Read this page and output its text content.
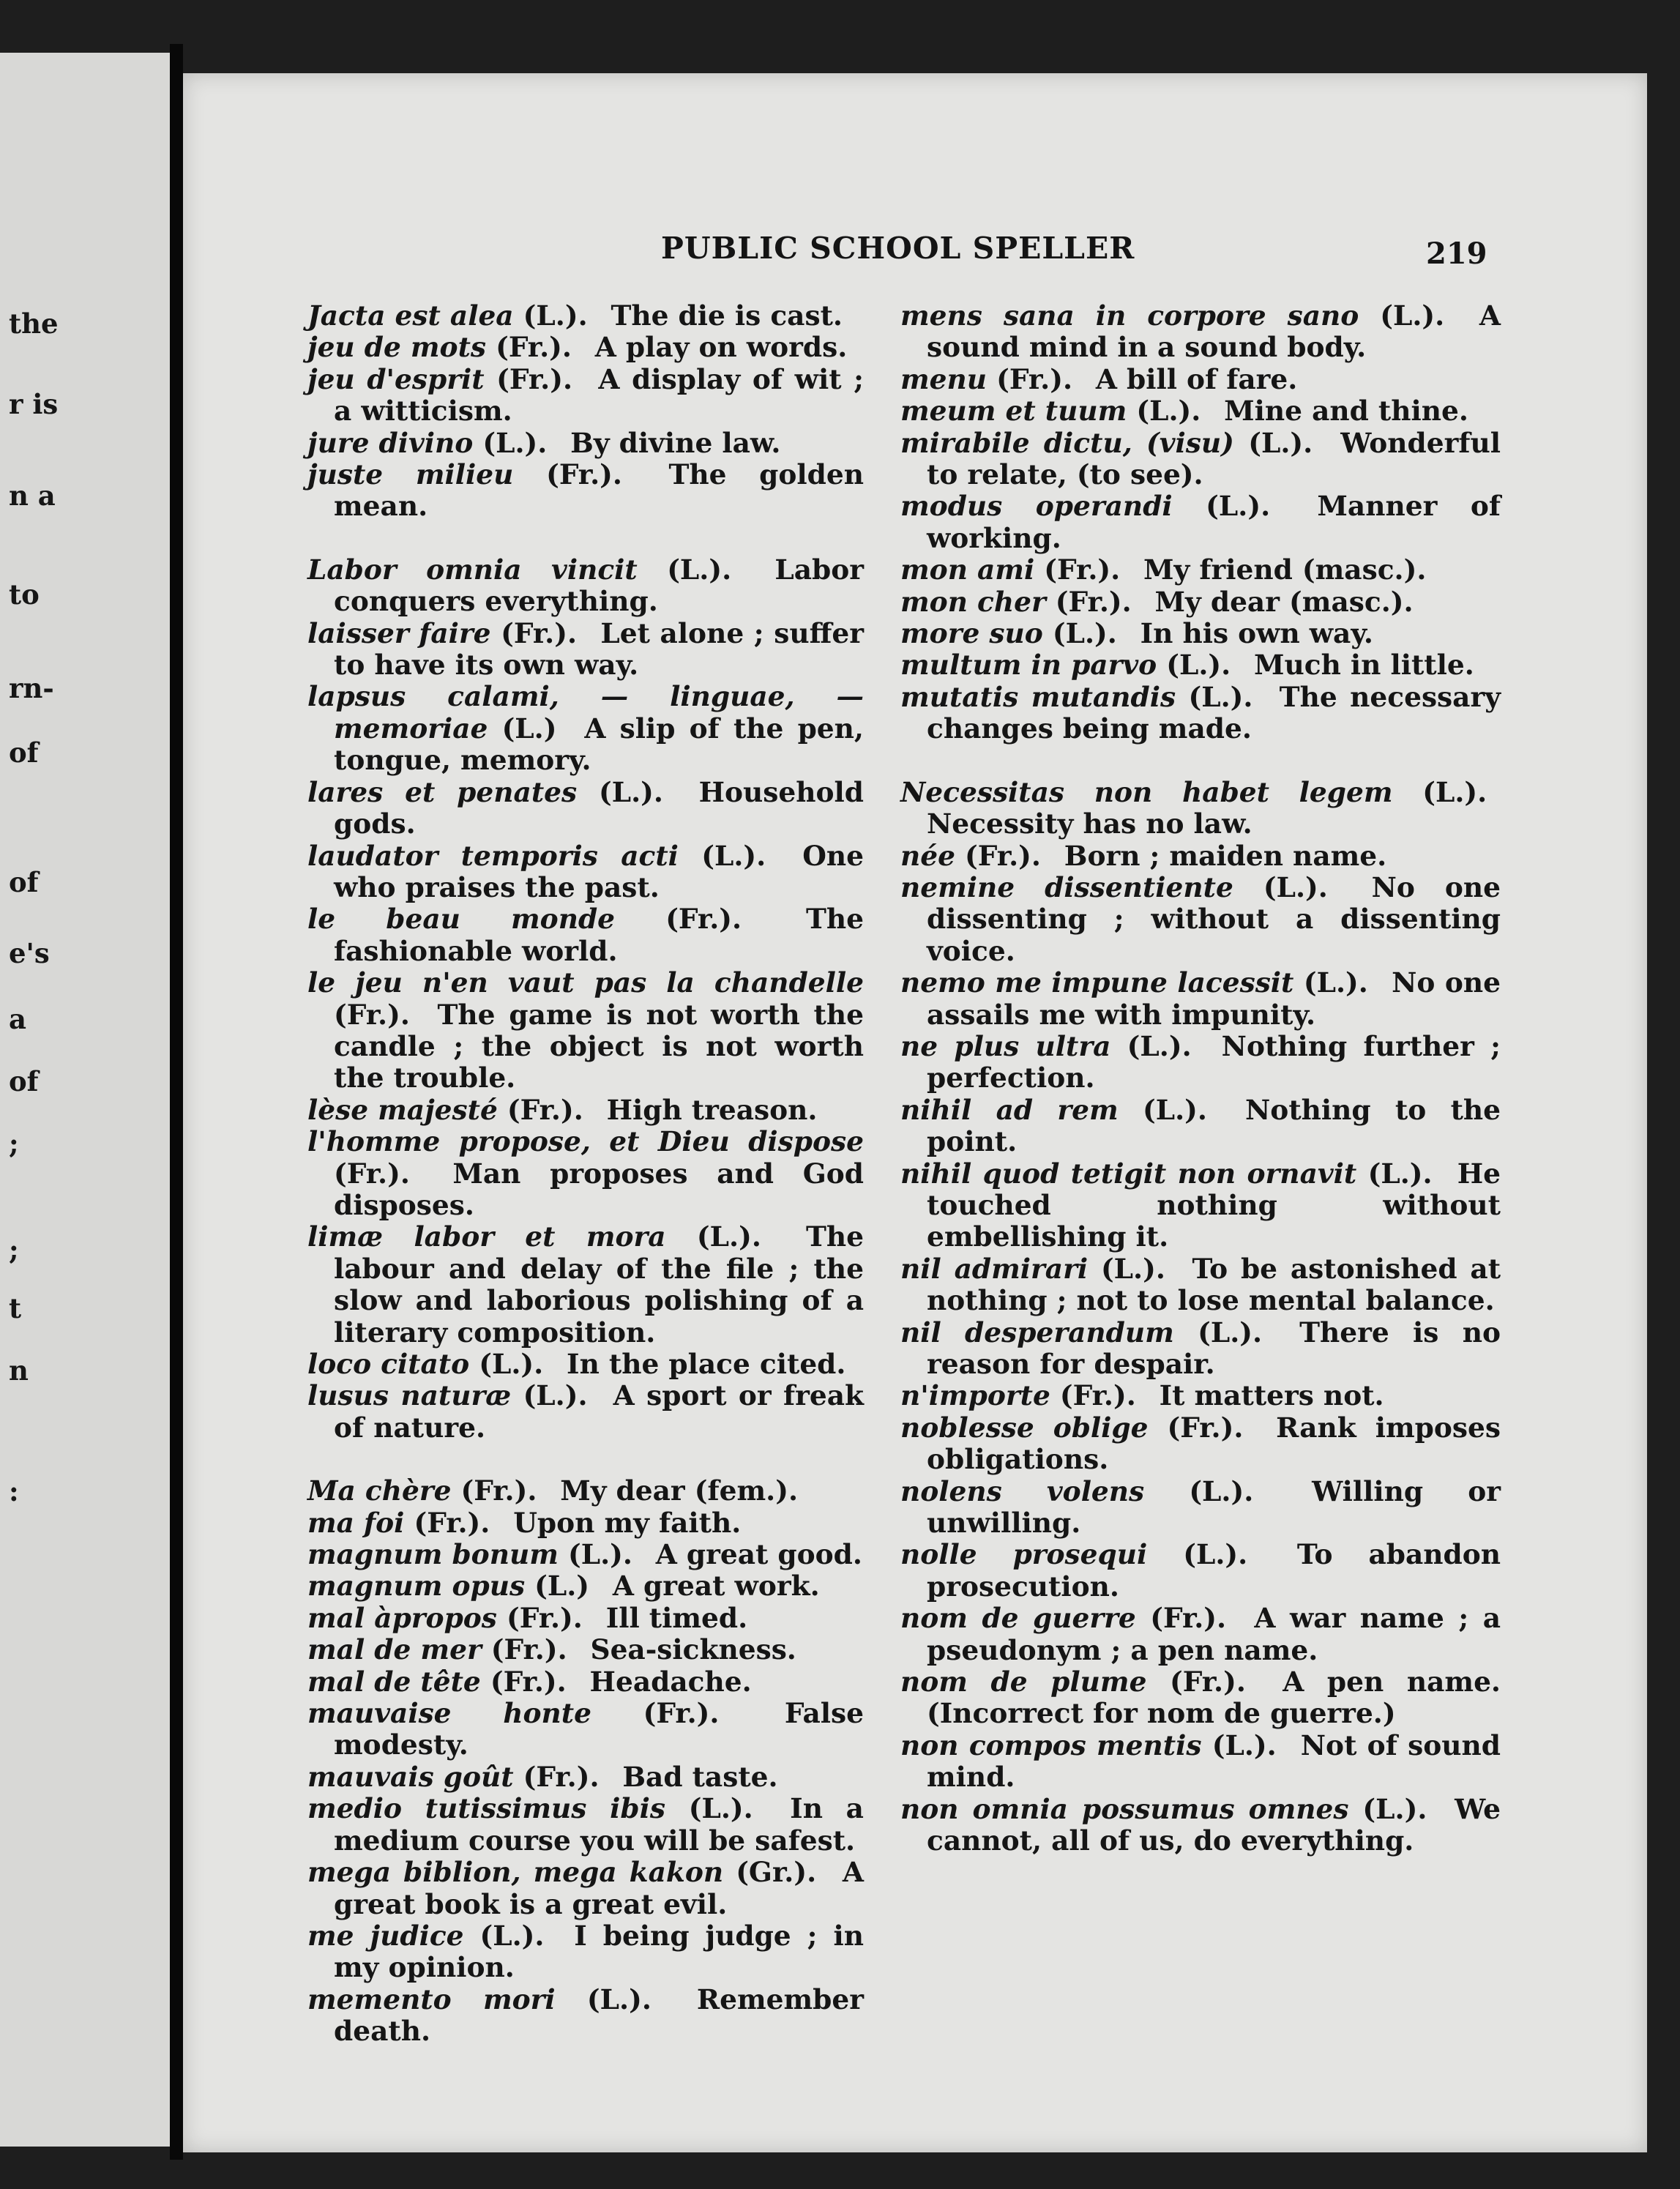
the
r is
n a
to
rn-
of
of
e's
a
of
;
;
t
n
:
PUBLIC SCHOOL SPELLER	219

Jacta est alea (L.).  The die is cast.

jeu de mots (Fr.).  A play on words.

jeu d'esprit (Fr.).  A display of wit ; a witticism.

jure divino (L.).  By divine law.

juste milieu (Fr.).  The golden mean.

Labor omnia vincit (L.).  Labor conquers everything.

laisser faire (Fr.).  Let alone ; suffer to have its own way.

lapsus calami, — linguae, — memoriae (L.)  A slip of the pen, tongue, memory.

lares et penates (L.).  Household gods.

laudator temporis acti (L.).  One who praises the past.

le beau monde (Fr.).  The fashionable world.

le jeu n'en vaut pas la chandelle (Fr.).  The game is not worth the candle ; the object is not worth the trouble.

lèse majesté (Fr.).  High treason.

l'homme propose, et Dieu dispose (Fr.).  Man proposes and God disposes.

limæ labor et mora (L.).  The labour and delay of the file ; the slow and laborious polishing of a literary composition.

loco citato (L.).  In the place cited.

lusus naturæ (L.).  A sport or freak of nature.

Ma chère (Fr.).  My dear (fem.).

ma foi (Fr.).  Upon my faith.

magnum bonum (L.).  A great good.

magnum opus (L.)  A great work.

mal àpropos (Fr.).  Ill timed.

mal de mer (Fr.).  Sea-sickness.

mal de tête (Fr.).  Headache.

mauvaise honte (Fr.).  False modesty.

mauvais goût (Fr.).  Bad taste.

medio tutissimus ibis (L.).  In a medium course you will be safest.

mega biblion, mega kakon (Gr.).  A great book is a great evil.

me judice (L.).  I being judge ; in my opinion.

memento mori (L.).  Remember death.

mens sana in corpore sano (L.).  A sound mind in a sound body.

menu (Fr.).  A bill of fare.

meum et tuum (L.).  Mine and thine.

mirabile dictu, (visu) (L.).  Wonderful to relate, (to see).

modus operandi (L.).  Manner of working.

mon ami (Fr.).  My friend (masc.).

mon cher (Fr.).  My dear (masc.).

more suo (L.).  In his own way.

multum in parvo (L.).  Much in little.

mutatis mutandis (L.).  The necessary changes being made.

Necessitas non habet legem (L.).  Necessity has no law.

née (Fr.).  Born ; maiden name.

nemine dissentiente (L.).  No one dissenting ; without a dissenting voice.

nemo me impune lacessit (L.).  No one assails me with impunity.

ne plus ultra (L.).  Nothing further ; perfection.

nihil ad rem (L.).  Nothing to the point.

nihil quod tetigit non ornavit (L.).  He touched nothing without embellishing it.

nil admirari (L.).  To be astonished at nothing ; not to lose mental balance.

nil desperandum (L.).  There is no reason for despair.

n'importe (Fr.).  It matters not.

noblesse oblige (Fr.).  Rank imposes obligations.

nolens volens (L.).  Willing or unwilling.

nolle prosequi (L.).  To abandon prosecution.

nom de guerre (Fr.).  A war name ; a pseudonym ; a pen name.

nom de plume (Fr.).  A pen name. (Incorrect for nom de guerre.)

non compos mentis (L.).  Not of sound mind.

non omnia possumus omnes (L.).  We cannot, all of us, do everything.
